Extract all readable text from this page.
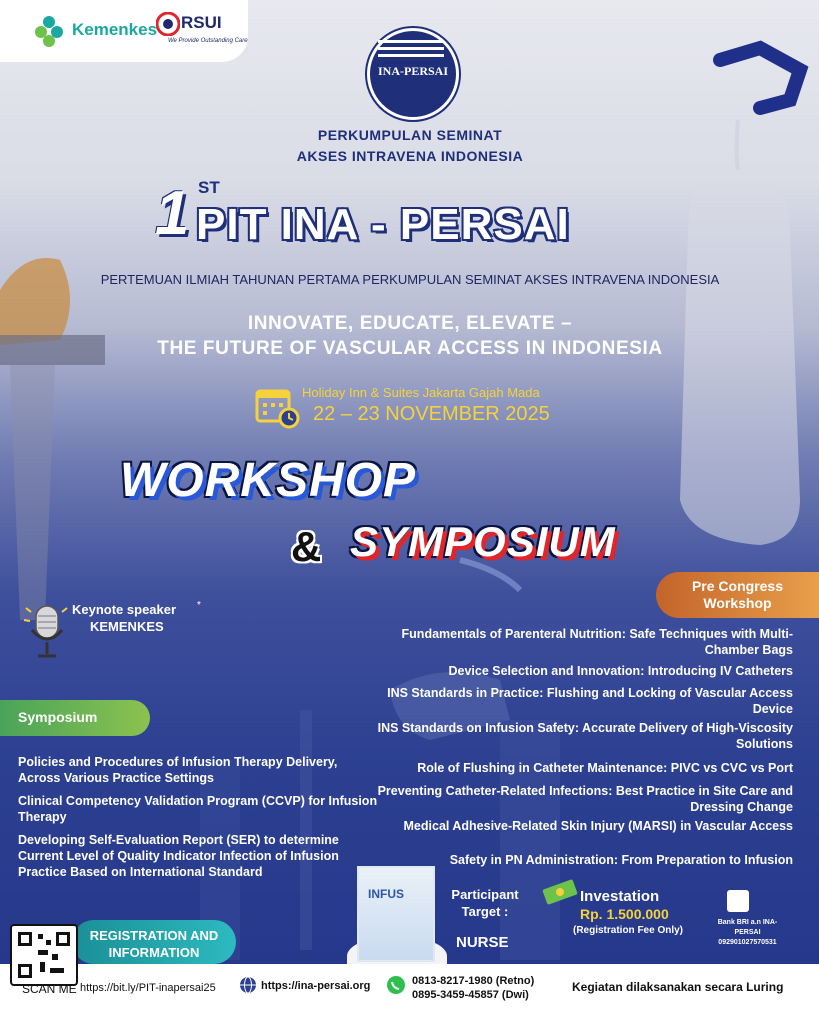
Kemenkes RSUI
We Provide Outstanding Care
INA-PERSAI
PERKUMPULAN SEMINAT
AKSES INTRAVENA INDONESIA
1 ST
PIT INA - PERSAI
PERTEMUAN ILMIAH TAHUNAN PERTAMA PERKUMPULAN SEMINAT AKSES INTRAVENA INDONESIA
INNOVATE, EDUCATE, ELEVATE –
THE FUTURE OF VASCULAR ACCESS IN INDONESIA
Holiday Inn & Suites Jakarta Gajah Mada
22 – 23 NOVEMBER 2025
WORKSHOP
& SYMPOSIUM
Pre Congress
Workshop
Keynote speaker *
KEMENKES	Fundamentals of Parenteral Nutrition: Safe Techniques with Multi-Chamber Bags
Device Selection and Innovation: Introducing IV Catheters
INS Standards in Practice: Flushing and Locking of Vascular Access Device
INS Standards on Infusion Safety: Accurate Delivery of High-Viscosity Solutions
Role of Flushing in Catheter Maintenance: PIVC vs CVC vs Port
Preventing Catheter-Related Infections: Best Practice in Site Care and Dressing Change
Medical Adhesive-Related Skin Injury (MARSI) in Vascular Access
Safety in PN Administration: From Preparation to Infusion
Symposium
Policies and Procedures of Infusion Therapy Delivery, Across Various Practice Settings
Clinical Competency Validation Program (CCVP) for Infusion Therapy
Developing Self-Evaluation Report (SER) to determine Current Level of Quality Indicator Infection of Infusion Practice Based on International Standard
INFUS	Participant
Target :
NURSE
Investation
Rp. 1.500.000
(Registration Fee Only)
Bank BRI a.n INA-PERSAI
092901027570531
REGISTRATION AND
INFORMATION
SCAN ME https://bit.ly/PIT-inapersai25	https://ina-persai.org	0813-8217-1980 (Retno)
0895-3459-45857 (Dwi)
Kegiatan dilaksanakan secara Luring
